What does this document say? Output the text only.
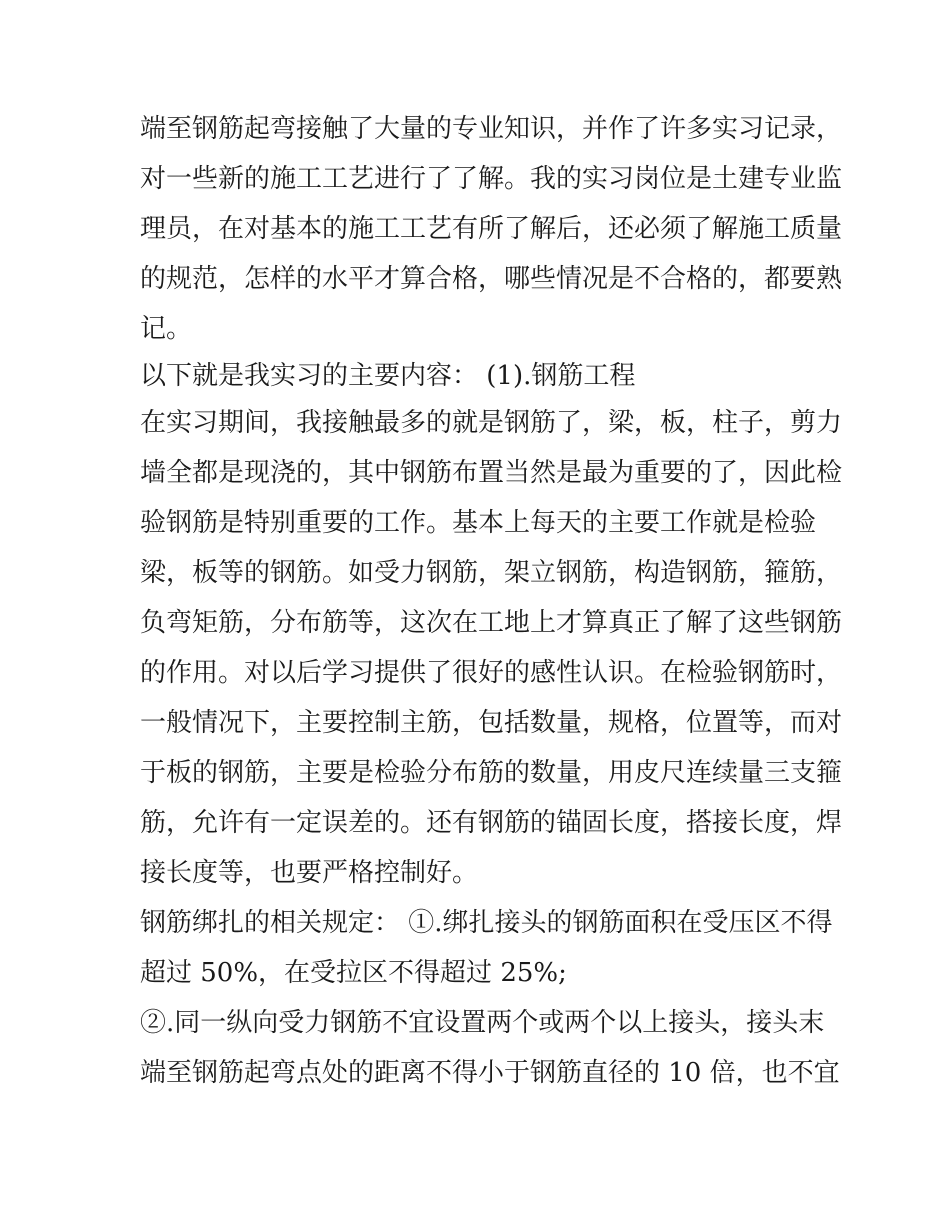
端至钢筋起弯接触了大量的专业知识，并作了许多实习记录，
对一些新的施工工艺进行了了解。我的实习岗位是土建专业监
理员，在对基本的施工工艺有所了解后，还必须了解施工质量
的规范，怎样的水平才算合格，哪些情况是不合格的，都要熟
记。
以下就是我实习的主要内容： (1).钢筋工程
在实习期间，我接触最多的就是钢筋了，梁，板，柱子，剪力
墙全都是现浇的，其中钢筋布置当然是最为重要的了，因此检
验钢筋是特别重要的工作。基本上每天的主要工作就是检验
梁，板等的钢筋。如受力钢筋，架立钢筋，构造钢筋，箍筋，
负弯矩筋，分布筋等，这次在工地上才算真正了解了这些钢筋
的作用。对以后学习提供了很好的感性认识。在检验钢筋时，
一般情况下，主要控制主筋，包括数量，规格，位置等，而对
于板的钢筋，主要是检验分布筋的数量，用皮尺连续量三支箍
筋，允许有一定误差的。还有钢筋的锚固长度，搭接长度，焊
接长度等，也要严格控制好。
钢筋绑扎的相关规定： ①.绑扎接头的钢筋面积在受压区不得
超过 50%，在受拉区不得超过 25%;
②.同一纵向受力钢筋不宜设置两个或两个以上接头，接头末
端至钢筋起弯点处的距离不得小于钢筋直径的 10 倍，也不宜
